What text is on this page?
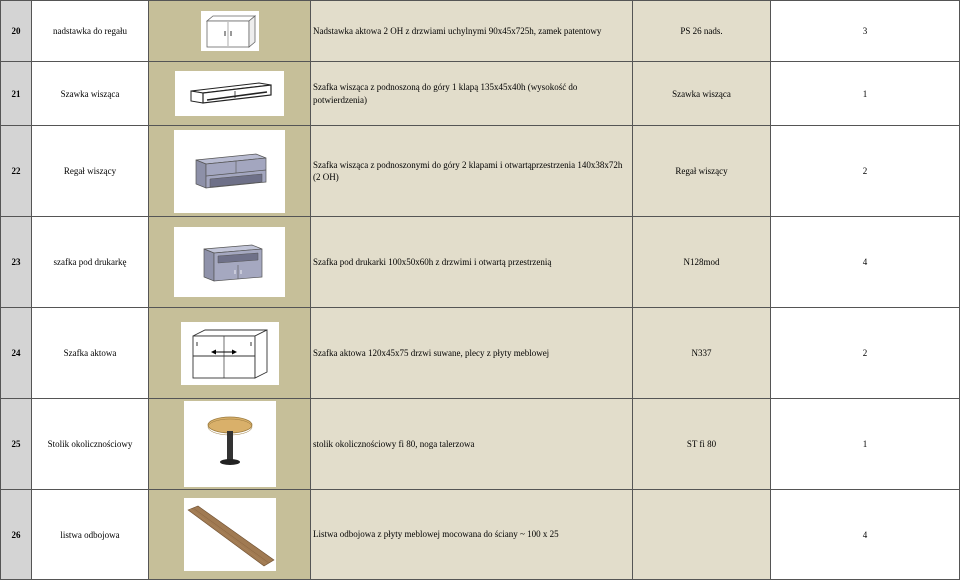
20	nadstawka do regału		Nadstawka aktowa 2 OH z drzwiami uchylnymi 90x45x725h, zamek patentowy	PS 26 nads.	3
21	Szawka wisząca		Szafka wisząca z podnoszoną do góry 1 klapą 135x45x40h (wysokość do potwierdzenia)	Szawka wisząca	1
22	Regał wiszący		Szafka wisząca z podnoszonymi do góry 2 klapami i otwartąprzestrzenia 140x38x72h (2 OH)	Regał wiszący	2
23	szafka pod drukarkę		Szafka pod drukarki 100x50x60h z drzwimi i otwartą przestrzenią	N128mod	4
24	Szafka aktowa		Szafka aktowa 120x45x75 drzwi suwane, plecy z płyty meblowej	N337	2
25	Stolik okolicznościowy		stolik okolicznościowy fi 80, noga talerzowa	ST fi 80	1
26	listwa odbojowa		Listwa odbojowa z płyty meblowej mocowana do ściany ~ 100 x 25		4
